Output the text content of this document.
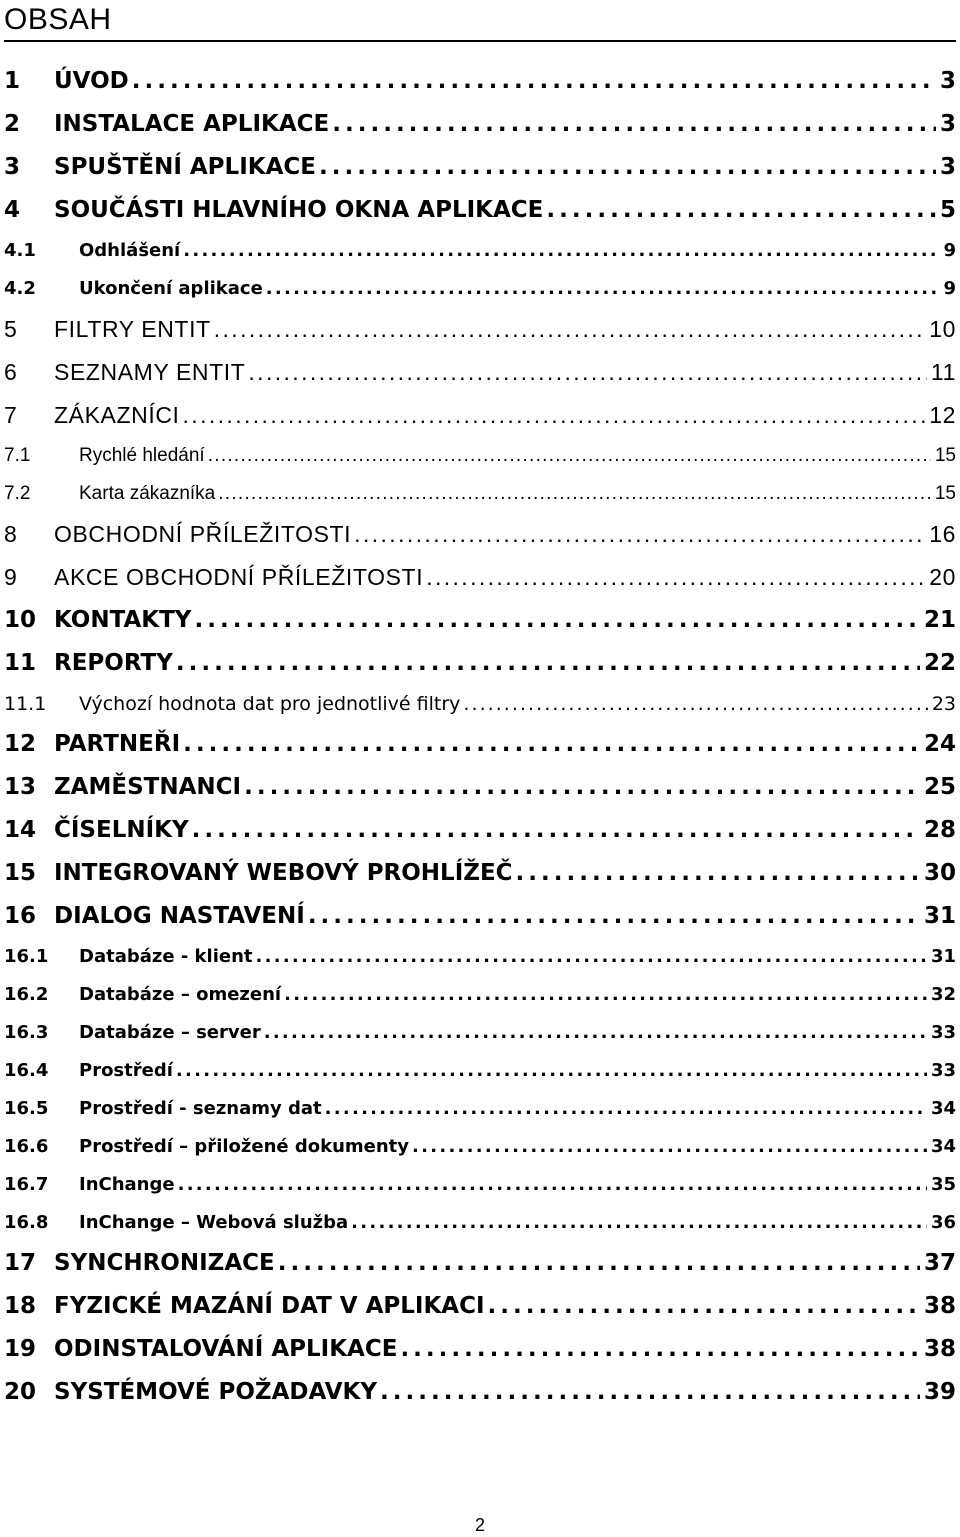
OBSAH
1	ÚVOD . . .	3
2	INSTALACE APLIKACE . . .	3
3	SPUŠTĚNÍ APLIKACE . . .	3
4	SOUČÁSTI HLAVNÍHO OKNA APLIKACE . . .	5
4.1	Odhlášení . . .	9
4.2	Ukončení aplikace . . .	9
5	FILTRY ENTIT . . .	10
6	SEZNAMY ENTIT . . .	11
7	ZÁKAZNÍCI . . .	12
7.1	Rychlé hledání . . .	15
7.2	Karta zákazníka . . .	15
8	OBCHODNÍ PŘÍLEŽITOSTI . . .	16
9	AKCE OBCHODNÍ PŘÍLEŽITOSTI . . .	20
10 KONTAKTY . . .	21
11 REPORTY . . .	22
11.1	Výchozí hodnota dat pro jednotlivé filtry . . .	23
12 PARTNEŘI . . .	24
13 ZAMĚSTNANCI . . .	25
14 ČÍSELNÍKY . . .	28
15 INTEGROVANÝ WEBOVÝ PROHLÍŽEČ . . .	30
16 DIALOG NASTAVENÍ . . .	31
16.1	Databáze - klient . . .	31
16.2	Databáze – omezení . . .	32
16.3	Databáze – server . . .	33
16.4	Prostředí . . .	33
16.5	Prostředí - seznamy dat . . .	34
16.6	Prostředí – přiložené dokumenty . . .	34
16.7	InChange . . .	35
16.8	InChange – Webová služba . . .	36
17 SYNCHRONIZACE . . .	37
18 FYZICKÉ MAZÁNÍ DAT V APLIKACI . . .	38
19 ODINSTALOVÁNÍ APLIKACE . . .	38
20 SYSTÉMOVÉ POŽADAVKY . . .	39
2
